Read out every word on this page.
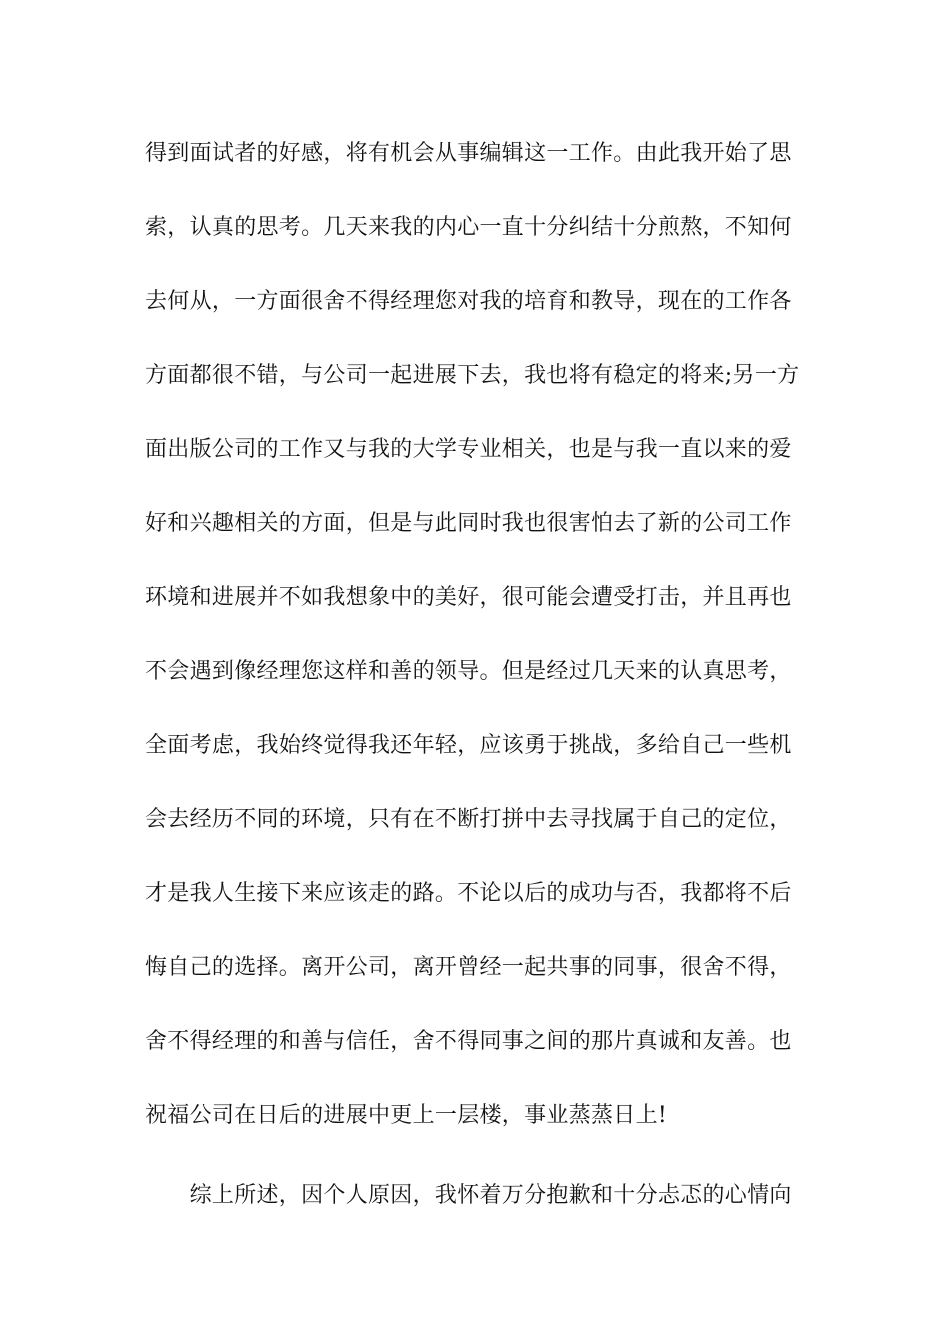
得到面试者的好感，将有机会从事编辑这一工作。由此我开始了思
索，认真的思考。几天来我的内心一直十分纠结十分煎熬，不知何
去何从，一方面很舍不得经理您对我的培育和教导，现在的工作各
方面都很不错，与公司一起进展下去，我也将有稳定的将来;另一方
面出版公司的工作又与我的大学专业相关，也是与我一直以来的爱
好和兴趣相关的方面，但是与此同时我也很害怕去了新的公司工作
环境和进展并不如我想象中的美好，很可能会遭受打击，并且再也
不会遇到像经理您这样和善的领导。但是经过几天来的认真思考，
全面考虑，我始终觉得我还年轻，应该勇于挑战，多给自己一些机
会去经历不同的环境，只有在不断打拼中去寻找属于自己的定位，
才是我人生接下来应该走的路。不论以后的成功与否，我都将不后
悔自己的选择。离开公司，离开曾经一起共事的同事，很舍不得，
舍不得经理的和善与信任，舍不得同事之间的那片真诚和友善。也
祝福公司在日后的进展中更上一层楼，事业蒸蒸日上!
　　综上所述，因个人原因，我怀着万分抱歉和十分忐忑的心情向
